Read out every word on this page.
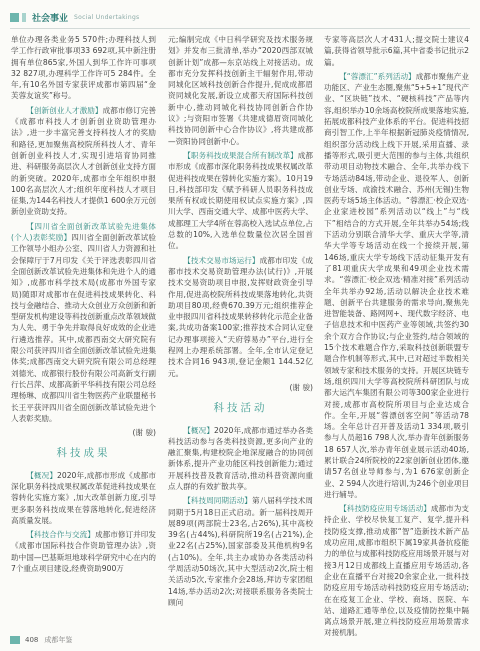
社会事业 Social Undertakings

单位办理各类业务5 570件;办理科技人到学工作行政审批事项33 692项,其中新注册拥有单位865家,外国人到华工作许可事项32 827项,办理科学工作许可5 284件。全年,有10名外国专家获评成都市第四届“金芙蓉友谊奖”称号。

【创新创业人才激励】成都市修订完善《成都市科技人才创新创业资助管理办法》,进一步丰富完善支持科技人才的奖励和路径,更加聚焦高校院所科技人才、青年创新创业科技人才,实现引进培育协同推进、科研服务高层次人才创新创业支持方面的新突破。2020年,成都市全年组织申报100名高层次人才;组织年度科技人才项目征集,为144名科技人才提供1 600余万元创新创业资助支持。

【四川省全面创新改革试验先进集体(个人)表彰奖励】四川省全面创新改革试验工作领导小组办公室、四川省人力资源和社会保障厅于7月印发《关于评选表彰四川省全面创新改革试验先进集体和先进个人的通知》,成都市科学技术局(成都市外国专家局)随即对成都市在促进科技成果转化、科技与金融结合、推动大众创业万众创新和新型研发机构建设等科技创新重点改革领域做为人先、勇于争先并取得良好成效的企业进行遴选推荐。其中,成都西南交大研究院有限公司获评四川省全面创新改革试验先进集体奖;成都西南交大研究院有限公司总经理刘德光、成都银行股份有限公司高新支行副行长吕萍、成都高新平华科技有限公司总经理杨琳、成都四川省生物医药产业联盟秘书长王平获评四川省全面创新改革试验先进个人表彰奖励。

(谢 骏)
科技成果

【概况】2020年,成都市形成《成都市深化职务科技成果权属改革促进科技成果在蓉转化实施方案》,加大改革创新力度,引导更多职务科技成果在蓉落地转化,促进经济高质量发展。

【科技合作与交流】成都市修订并印发《成都市国际科技合作资助管理办法》,资助中国—巴基斯坦地球科学研究中心在内的7个重点项目建设,经费资助900万

元;编制完成《中日科学研究及技术服务规划》并发布三批清单,举办“2020西部双城创新计划”成都—东京站线上对接活动。成都市充分发挥科技创新主干辐射作用,带动同城化区域科技创新合作提升,促成成都眉资同城化发展,新设立成都天府国际科技创新中心,推动同城化科技协同创新合作协议》;与资阳市签署《共建成德眉资同城化科技协同创新中心合作协议》,将共建成都—资阳协同创新中心。

【职务科技成果混合所有制改革】成都市形成《成都市深化职务科技成果权属改革促进科技成果在蓉转化实施方案》。10月19日,科技部印发《赋予科研人员职务科技成果所有权或长期使用权试点实施方案》,四川大学、西南交通大学、成都中医药大学、成都理工大学4所在蓉高校入选试点单位,占总数的10%,入选单位数量位次居全国首位。

【技术交易市场运行】成都市印发《成都市技术交易资助管理办法(试行)》,开展技术交易资助项目申报,发挥财政资金引导作用,促进高校院所科技成果落地转化,共资助项目80项,经费670.39万元;组织推荐企业申报四川省科技成果转移转化示范企业备案,共成功备案100家;推荐技术合同认定登记办理事项接入“天府蓉易办”平台,进行全程网上办理系统部署。全年,全市认定登记技术合同16 943项,登记金额1 144.52亿元。

(谢 骏)
科技活动

【概况】2020年,成都市通过举办各类科技活动参与各类科技资源,更多向产业的融汇聚集,构建校院企地深度融合的协同创新体系,提升产业功能区科技创新能力;通过开展科技普及教育活动,推动科普资源向重点人群的有效扩散共享。

【科技周同期活动】第八届科学技术周同期于5月18日正式启动。新一届科技周开展89项(两部院士23名,占26%),其中高校39名(占44%),科研院所19名(占21%),企业22名(占25%),国家部委及其他机构9名(占10%)。全年,共主办或协办各类活动科学周活动50场次,其中大型活动2次,院士相关活动5次,专家推介会28场,拜访专家团组14场,举办活动2次;对接联系服务各类院士顾问

专家等高层次人才431人;提交院士建议4篇,获得省领导批示6篇,其中省委书记批示2篇。

【“蓉漂汇”系列活动】成都市聚焦产业功能区、产业生态圈,聚焦“5+5+1”现代产业、“区块链”技术、“硬核科技”产品等内容,组织举办10余场高校院所成果落地实施,拓展成都科技产业体系的平台。促进科技招商引智工作,上半年根据新冠肺炎疫情情况,组织部分活动线上线下开展,采用直播、录播等形式,吸引更大范围的参与主体,共组织带动项目动物技术融合、全年,共举办线下专场活动84场,带动企业、退役军人、创新创业专场、成渝技术融合、苏州(无锡)生物医药专场5场主体活动。“蓉漂汇·校企双选·企业家进校园”系列活动以“线上”与“线下”相结合的方式开展,全年共举办54场;线下活动分别联合清华大学、重庆大学等,清华大学等专场活动在线一个接续开展,第146场,重庆大学专场线下活动征集开发有了81项重庆大学成果和49项企业技术需求。“蓉漂汇·校企双选·精准对接”系列活动全年共举办92场,活动以解决企业技术难题、创新平台共建服务的需求导向,聚焦先进智能装备、路网网+、现代数字经济、电子信息技术和中医药产业等领域,共签约30余个双方合作协议;与企业签约,结合领域的15个技术难题合作方,采取科技创新联盟专题合作机制等形式,其中,已对超过半数相关领域专家和技术服务的支持。开展区块链专场,组织四川大学等高校院所科研团队与成都大运汽车集团有限公司等300家企业进行对接,成都市高校院所项目与企业达成合作。全年,开展“蓉漂创客空间”等活动78场。全年总计召开普及活动1 334项,吸引参与人员超16 798人次,举办青年创新服务18 657人次,举办青年创业展示活动40场,累计联合24所院校的22家创新创业团体,邀请57名创业导师参与,为1 676家创新企业、2 594人次进行培训,为246个创业项目进行辅导。

【科技防疫应用专场活动】成都市为支持企业、学校尽快复工复产、复学,提升科技防疫支撑,推动成都“智”造新技术新产品成功应用,成都市组织下属19家具备抗疫能力的单位与成都科技防疫应用场景开展与对接3月12日成都线上直播应用专场活动,各企业在直播平台对接20余家企业,一批科技防疫应用专场活动科技防疫应用专场活动;在在疫复工企业、学校、商场、医院、车站、道路汇通等单位,以及疫情防控集中隔离点场景开展,建立科技防疫应用场景需求对接机制。

408 成都年鉴
